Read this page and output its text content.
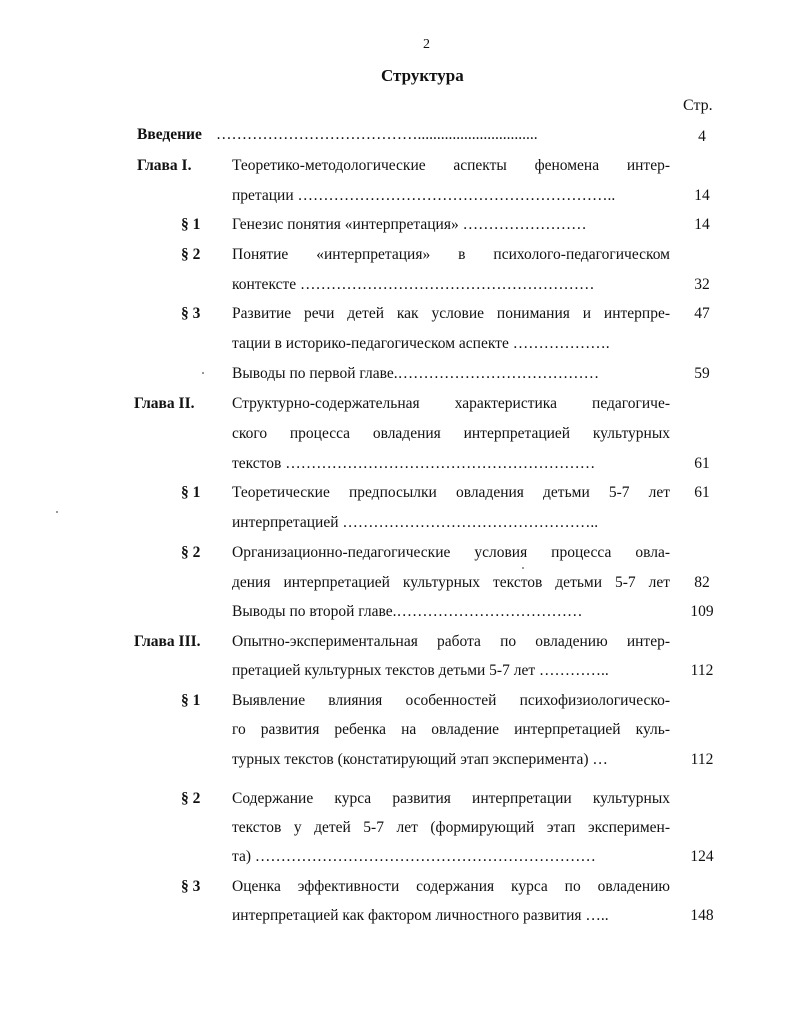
2
Структура
Стр.
Введение …………………………………...............................	4
Глава I.	Теоретико-методологические аспекты феномена интер-
претации ……………………………………………………..	14
§ 1 Генезис понятия «интерпретация» ……………………	14
§ 2 Понятие «интерпретация» в психолого-педагогическом
контексте …………………………………………………	32
§ 3 Развитие речи детей как условие понимания и интерпре-	47
тации в историко-педагогическом аспекте ……………….
Выводы по первой главе.…………………………………	59
Глава II. Структурно-содержательная характеристика педагогиче-
ского процесса овладения интерпретацией культурных
текстов ……………………………………………………	61
§ 1 Теоретические предпосылки овладения детьми 5-7 лет	61
интерпретацией …………………………………………..
§ 2 Организационно-педагогические условия процесса овла-
дения интерпретацией культурных текстов детьми 5-7 лет	82
Выводы по второй главе.………………………………	109
Глава III. Опытно-экспериментальная работа по овладению интер-
претацией культурных текстов детьми 5-7 лет …………..	112
§ 1 Выявление влияния особенностей психофизиологическо-
го развития ребенка на овладение интерпретацией куль-
турных текстов (констатирующий этап эксперимента) …	112
§ 2 Содержание курса развития интерпретации культурных
текстов у детей 5-7 лет (формирующий этап эксперимен-
та) …………………………………………………………	124
§ 3 Оценка эффективности содержания курса по овладению
интерпретацией как фактором личностного развития …..	148
